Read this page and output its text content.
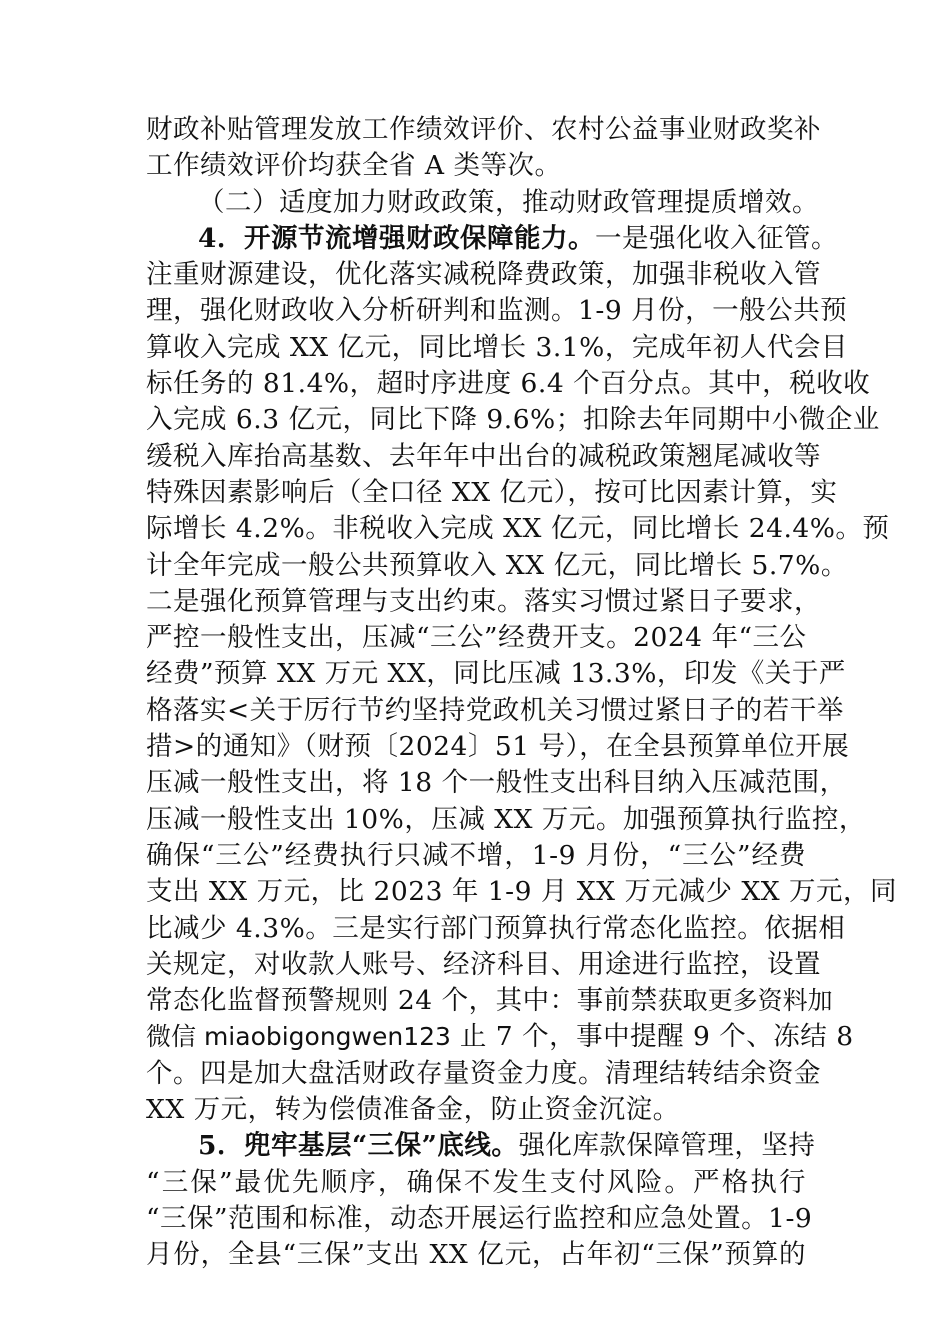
财政补贴管理发放工作绩效评价、农村公益事业财政奖补
工作绩效评价均获全省 A 类等次。
（二）适度加力财政政策，推动财政管理提质增效。
4．开源节流增强财政保障能力。一是强化收入征管。
注重财源建设，优化落实减税降费政策，加强非税收入管
理，强化财政收入分析研判和监测。1-9 月份，一般公共预
算收入完成 XX 亿元，同比增长 3.1%，完成年初人代会目
标任务的 81.4%，超时序进度 6.4 个百分点。其中，税收收
入完成 6.3 亿元，同比下降 9.6%；扣除去年同期中小微企业
缓税入库抬高基数、去年年中出台的减税政策翘尾减收等
特殊因素影响后（全口径 XX 亿元），按可比因素计算，实
际增长 4.2%。非税收入完成 XX 亿元，同比增长 24.4%。预
计全年完成一般公共预算收入 XX 亿元，同比增长 5.7%。
二是强化预算管理与支出约束。落实习惯过紧日子要求，
严控一般性支出，压减“三公”经费开支。2024 年“三公
经费”预算 XX 万元 XX，同比压减 13.3%，印发《关于严
格落实<关于厉行节约坚持党政机关习惯过紧日子的若干举
措>的通知》（财预〔2024〕51 号），在全县预算单位开展
压减一般性支出，将 18 个一般性支出科目纳入压减范围，
压减一般性支出 10%，压减 XX 万元。加强预算执行监控，
确保“三公”经费执行只减不增，1-9 月份，“三公”经费
支出 XX 万元，比 2023 年 1-9 月 XX 万元减少 XX 万元，同
比减少 4.3%。三是实行部门预算执行常态化监控。依据相
关规定，对收款人账号、经济科目、用途进行监控，设置
常态化监督预警规则 24 个，其中：事前禁获取更多资料加
微信 miaobigongwen123 止 7 个，事中提醒 9 个、冻结 8
个。四是加大盘活财政存量资金力度。清理结转结余资金
XX 万元，转为偿债准备金，防止资金沉淀。
5．兜牢基层“三保”底线。强化库款保障管理，坚持
“三保”最优先顺序，确保不发生支付风险。严格执行
“三保”范围和标准，动态开展运行监控和应急处置。1-9
月份，全县“三保”支出 XX 亿元，占年初“三保”预算的
